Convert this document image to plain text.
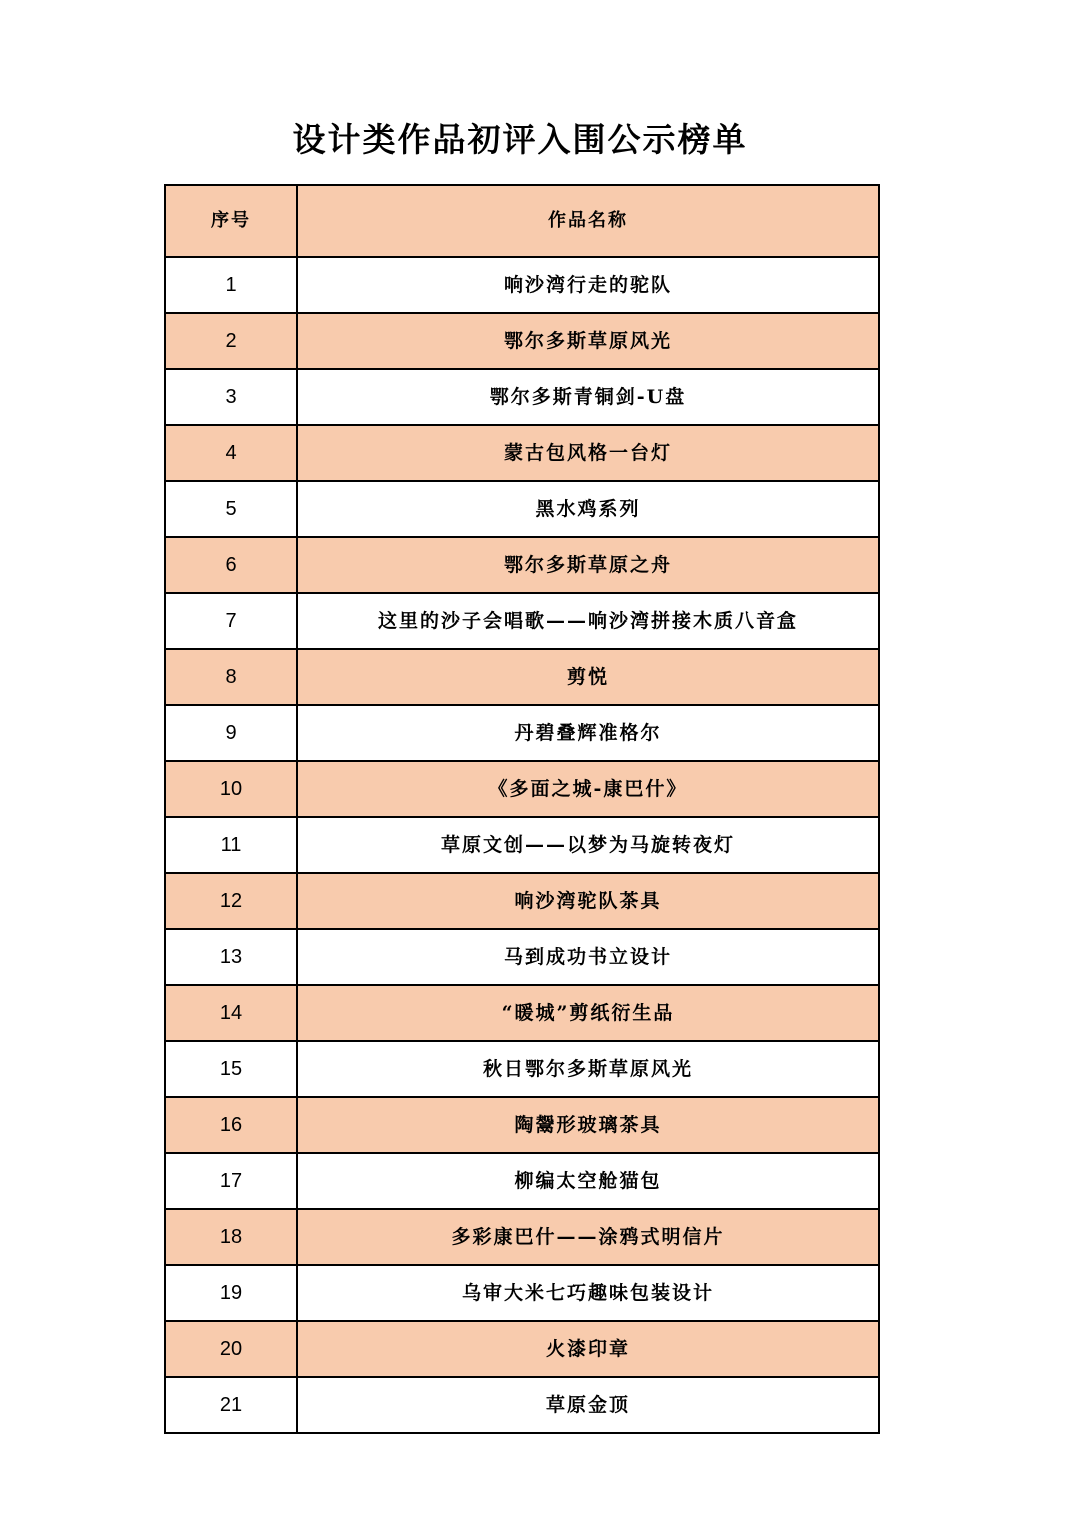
设计类作品初评入围公示榜单
序号	作品名称
1	响沙湾行走的驼队
2	鄂尔多斯草原风光
3	鄂尔多斯青铜剑-U盘
4	蒙古包风格一台灯
5	黑水鸡系列
6	鄂尔多斯草原之舟
7	这里的沙子会唱歌——响沙湾拼接木质八音盒
8	剪悦
9	丹碧叠辉准格尔
10	《多面之城-康巴什》
11	草原文创——以梦为马旋转夜灯
12	响沙湾驼队茶具
13	马到成功书立设计
14	“暖城”剪纸衍生品
15	秋日鄂尔多斯草原风光
16	陶鬶形玻璃茶具
17	柳编太空舱猫包
18	多彩康巴什——涂鸦式明信片
19	乌审大米七巧趣味包装设计
20	火漆印章
21	草原金顶
